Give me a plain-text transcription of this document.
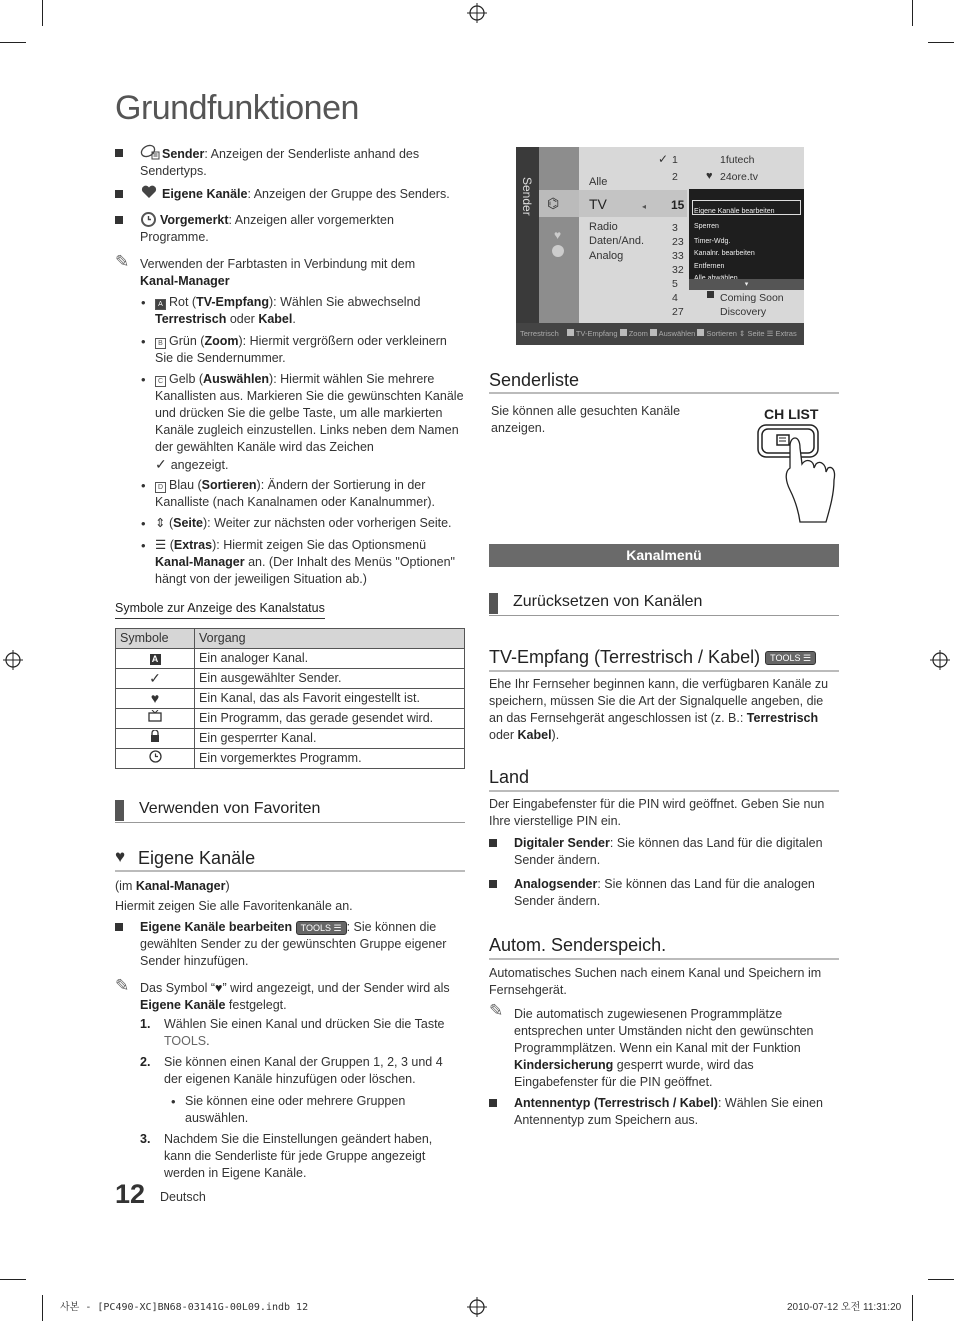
Grundfunktionen
Sender: Anzeigen der Senderliste anhand des Sendertyps.
Eigene Kanäle: Anzeigen der Gruppe des Senders.
Vorgemerkt: Anzeigen aller vorgemerkten Programme.
✎ Verwenden der Farbtasten in Verbindung mit dem
Kanal-Manager
•	A Rot (TV-Empfang): Wählen Sie abwechselnd
Terrestrisch oder Kabel.
•	B Grün (Zoom): Hiermit vergrößern oder verkleinern Sie die Sendernummer.
•	C Gelb (Auswählen): Hiermit wählen Sie mehrere Kanallisten aus. Markieren Sie die gewünschten Kanäle und drücken Sie die gelbe Taste, um alle markierten Kanäle zugleich einzustellen. Links neben dem Namen der gewählten Kanäle wird das Zeichen
✓ angezeigt.
•	D Blau (Sortieren): Ändern der Sortierung in der Kanalliste (nach Kanalnamen oder Kanalnummer).
• ⇕ (Seite): Weiter zur nächsten oder vorherigen Seite.
• ☰ (Extras): Hiermit zeigen Sie das Optionsmenü
Kanal-Manager an. (Der Inhalt des Menüs "Optionen" hängt von der jeweiligen Situation ab.)
Symbole zur Anzeige des Kanalstatus
Symbole	Vorgang
A	Ein analoger Kanal.
✓	Ein ausgewählter Sender.
♥	Ein Kanal, das als Favorit eingestellt ist.
	Ein Programm, das gerade gesendet wird.
	Ein gesperrter Kanal.
	Ein vorgemerktes Programm.
Verwenden von Favoriten
♥ Eigene Kanäle
(im Kanal-Manager)
Hiermit zeigen Sie alle Favoritenkanäle an.
Eigene Kanäle bearbeiten TOOLS ☰ : Sie können die gewählten Sender zu der gewünschten Gruppe eigener Sender hinzufügen.
✎ Das Symbol “♥” wird angezeigt, und der Sender wird als Eigene Kanäle festgelegt.
1. Wählen Sie einen Kanal und drücken Sie die Taste
TOOLS.
2. Sie können einen Kanal der Gruppen 1, 2, 3 und 4 der eigenen Kanäle hinzufügen oder löschen.
• Sie können eine oder mehrere Gruppen auswählen.
3. Nachdem Sie die Einstellungen geändert haben, kann die Senderliste für jede Gruppe angezeigt werden in Eigene Kanäle.
12 Deutsch
Sender ⌬
♥
Alle
TV
Radio
Daten/And.
Analog
◂ 15
✓ 1	1futech
2	♥ 24ore.tv
3
23
33
32
5
4	Coming Soon
27	Discovery
Terrestrisch TV-Empfang Zoom Auswählen Sortieren ⇕ Seite ☰ Extras
Eigene Kanäle bearbeiten
Sperren
Timer-Wdg.
Kanalnr. bearbeiten
Entfernen
▾
Senderliste
Sie können alle gesuchten Kanäle anzeigen.
CH LIST
Kanalmenü
Zurücksetzen von Kanälen
TV-Empfang (Terrestrisch / Kabel) TOOLS ☰
Ehe Ihr Fernseher beginnen kann, die verfügbaren Kanäle zu speichern, müssen Sie die Art der Signalquelle angeben, die an das Fernsehgerät angeschlossen ist (z. B.: Terrestrisch
oder Kabel).
Land
Der Eingabefenster für die PIN wird geöffnet. Geben Sie nun Ihre vierstellige PIN ein.
Digitaler Sender: Sie können das Land für die digitalen Sender ändern.
Analogsender: Sie können das Land für die analogen Sender ändern.
Autom. Senderspeich.
Automatisches Suchen nach einem Kanal und Speichern im Fernsehgerät.
✎ Die automatisch zugewiesenen Programmplätze entsprechen unter Umständen nicht den gewünschten Programmplätzen. Wenn ein Kanal mit der Funktion Kindersicherung gesperrt wurde, wird das Eingabefenster für die PIN geöffnet.
Antennentyp (Terrestrisch / Kabel): Wählen Sie einen Antennentyp zum Speichern aus.
사본 - [PC490-XC]BN68-03141G-00L09.indb 12	2010-07-12 오전 11:31:20
